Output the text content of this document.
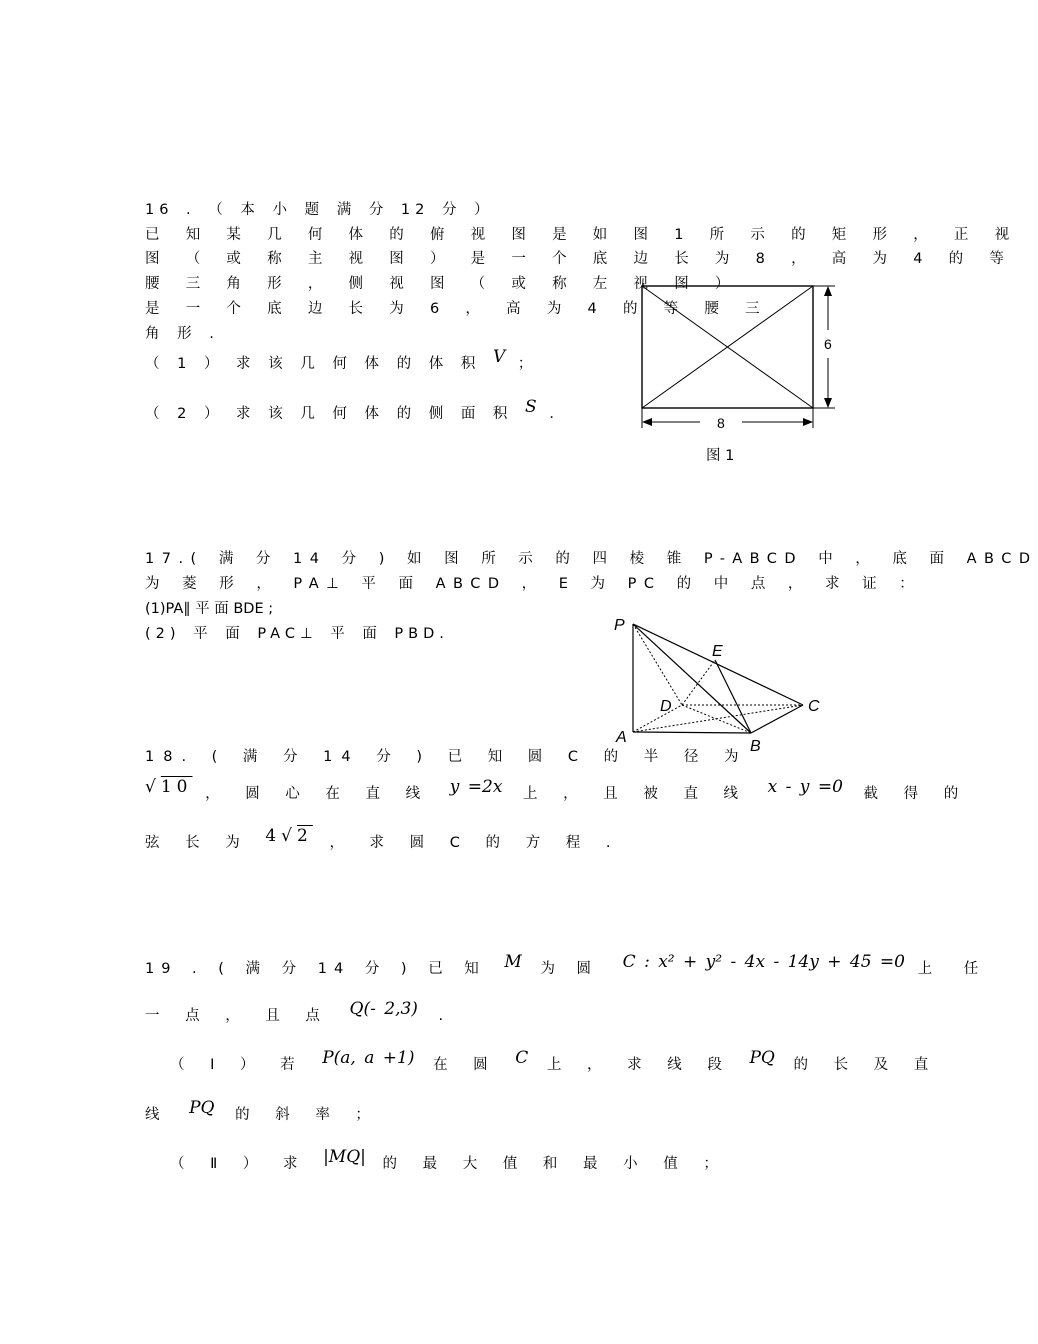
16 . （ 本 小 题 满 分 12 分 ）
已 知 某 几 何 体 的 俯 视 图 是 如 图 1 所 示 的 矩 形 ， 正 视
图 （ 或 称 主 视 图 ） 是 一 个 底 边 长 为 8 ， 高 为 4 的 等
腰 三 角 形 ， 侧 视 图 （ 或 称 左 视 图 ）
是 一 个 底 边 长 为 6 ， 高 为 4 的 等 腰 三
角 形 .
（ 1 ） 求 该 几 何 体 的 体 积 V ；
（ 2 ） 求 该 几 何 体 的 侧 面 积 S ．
6
8
图 1
17.( 满 分 14 分 ) 如 图 所 示 的 四 棱 锥 P-ABCD 中 ， 底 面 ABCD
为 菱 形 ， PA⊥ 平 面 ABCD ， E 为 PC 的 中 点 ， 求 证 ：
(1)PA∥ 平 面 BDE ;
(2) 平 面 PAC⊥ 平 面 PBD.	P
E
D	C
A
B
18. ( 满 分 14 分 ) 已 知 圆 C 的 半 径 为
√10 ， 圆 心 在 直 线 y =2x 上 ， 且 被 直 线 x - y =0 截 得 的
弦 长 为 4√2 ， 求 圆 C 的 方 程 .
19 . ( 满 分 14 分 ) 已 知 M 为 圆 C : x² + y² - 4x - 14y + 45 =0 上 任
一 点 ， 且 点 Q(- 2,3) .
（ Ⅰ ） 若 P(a, a +1) 在 圆 C 上 ， 求 线 段 PQ 的 长 及 直
线 PQ 的 斜 率 ；
（ Ⅱ ） 求 |MQ| 的 最 大 值 和 最 小 值 ；
